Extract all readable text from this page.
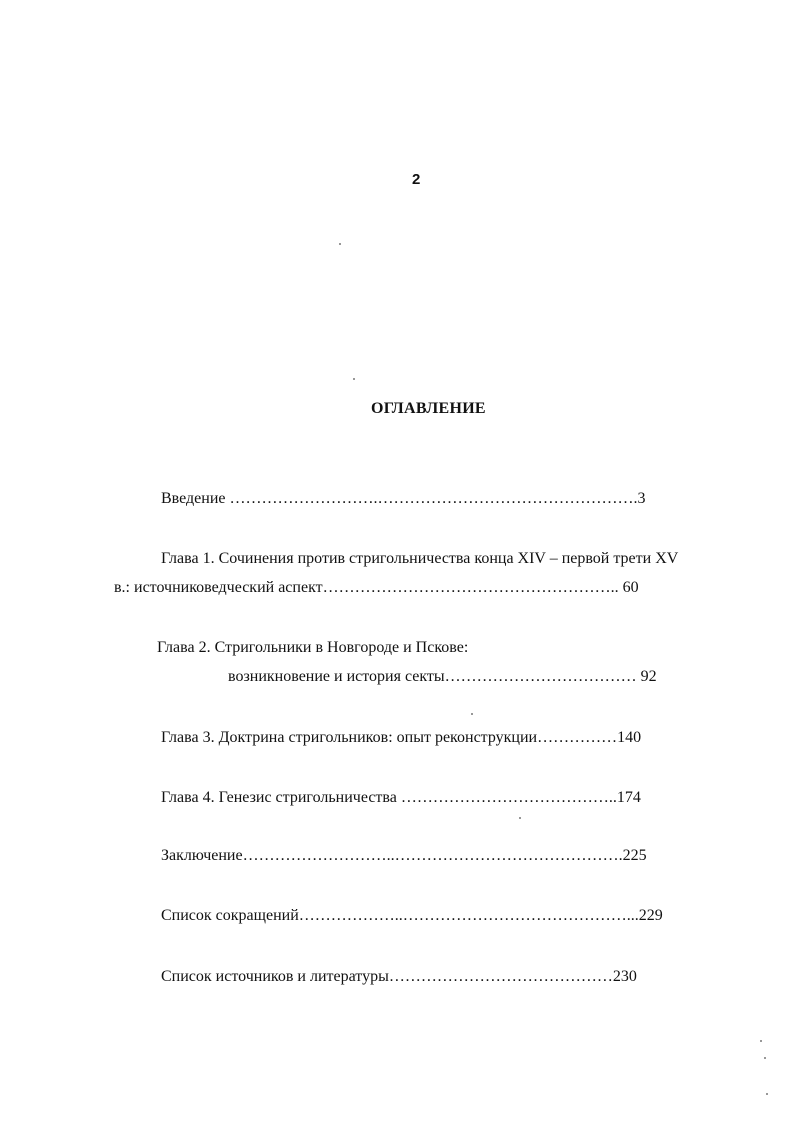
2
ОГЛАВЛЕНИЕ
Введение ……………………….………………………………………….3
Глава 1. Сочинения против стригольничества конца XIV – первой трети XV
в.: источниковедческий аспект……………………………………………….. 60
Глава 2. Стригольники в Новгороде и Пскове:
возникновение и история секты……………………………… 92
Глава 3. Доктрина стригольников: опыт реконструкции……………140
Глава 4. Генезис стригольничества …………………………………..174
Заключение………………………..…………………………………….225
Список сокращений………………..……………………………………...229
Список источников и литературы……………………………………230
